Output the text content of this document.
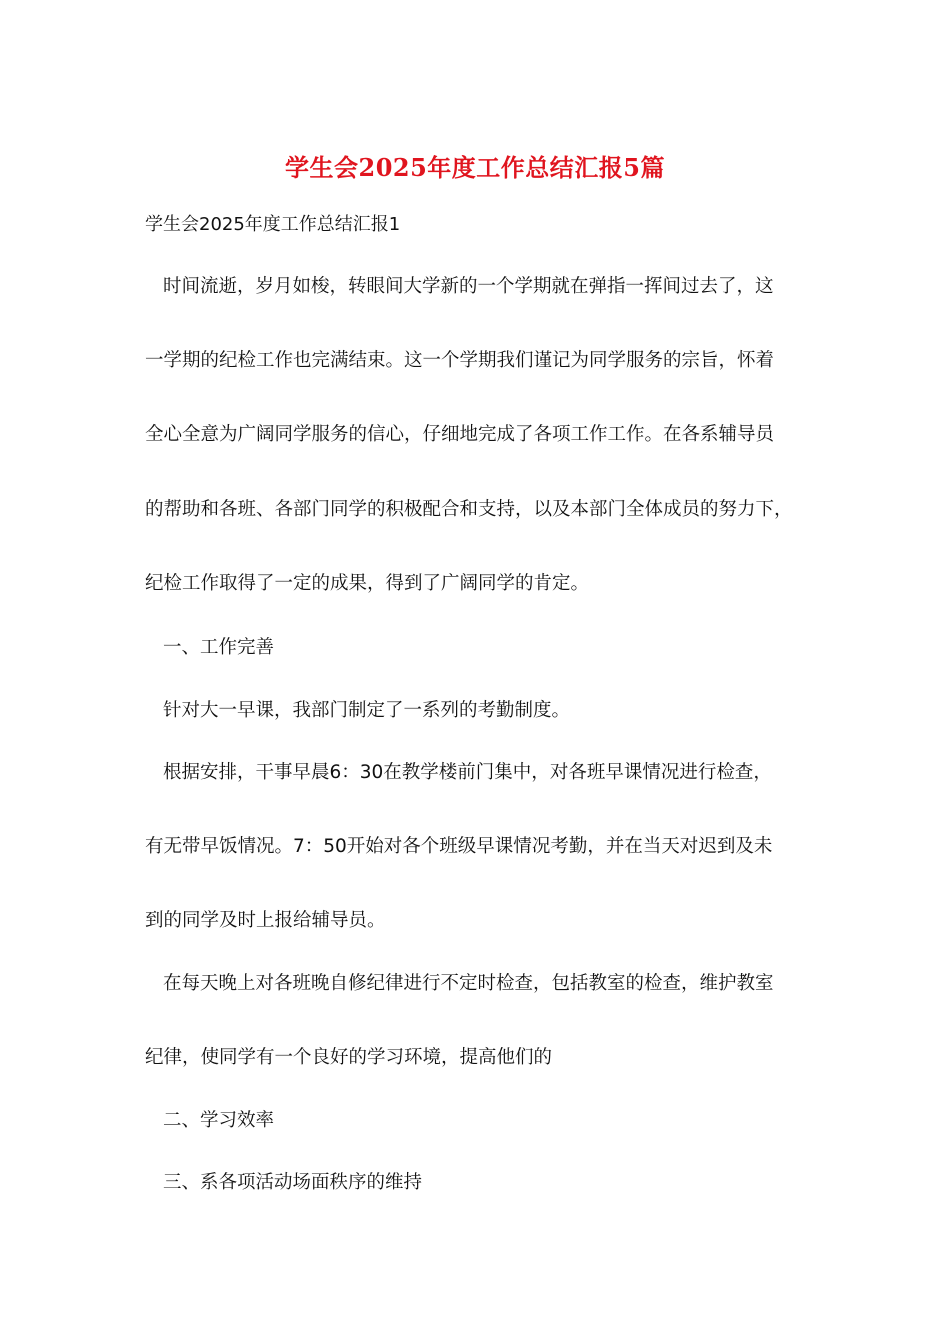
学生会2025年度工作总结汇报5篇
学生会2025年度工作总结汇报1
时间流逝，岁月如梭，转眼间大学新的一个学期就在弹指一挥间过去了，这
一学期的纪检工作也完满结束。这一个学期我们谨记为同学服务的宗旨，怀着
全心全意为广阔同学服务的信心，仔细地完成了各项工作工作。在各系辅导员
的帮助和各班、各部门同学的积极配合和支持，以及本部门全体成员的努力下，
纪检工作取得了一定的成果，得到了广阔同学的肯定。
一、工作完善
针对大一早课，我部门制定了一系列的考勤制度。
根据安排，干事早晨6：30在教学楼前门集中，对各班早课情况进行检查，
有无带早饭情况。7：50开始对各个班级早课情况考勤，并在当天对迟到及未
到的同学及时上报给辅导员。
在每天晚上对各班晚自修纪律进行不定时检查，包括教室的检查，维护教室
纪律，使同学有一个良好的学习环境，提高他们的
二、学习效率
三、系各项活动场面秩序的维持
